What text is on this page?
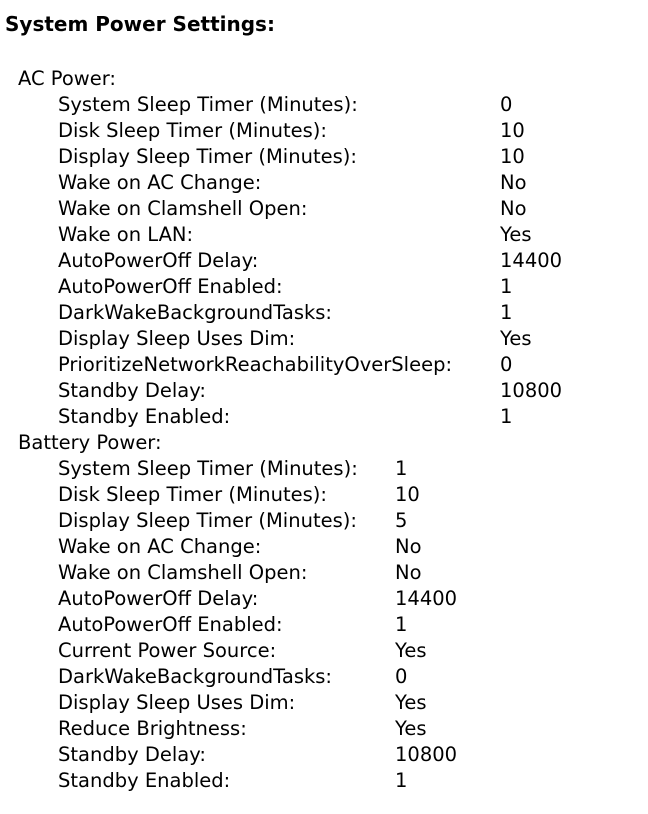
System Power Settings:
AC Power:
System Sleep Timer (Minutes):	0
Disk Sleep Timer (Minutes):	10
Display Sleep Timer (Minutes):	10
Wake on AC Change:	No
Wake on Clamshell Open:	No
Wake on LAN:	Yes
AutoPowerOff Delay:	14400
AutoPowerOff Enabled:	1
DarkWakeBackgroundTasks:	1
Display Sleep Uses Dim:	Yes
PrioritizeNetworkReachabilityOverSleep: 0
Standby Delay:	10800
Standby Enabled:	1
Battery Power:
System Sleep Timer (Minutes): 1
Disk Sleep Timer (Minutes):	10
Display Sleep Timer (Minutes): 5
Wake on AC Change:	No
Wake on Clamshell Open:	No
AutoPowerOff Delay:	14400
AutoPowerOff Enabled:	1
Current Power Source:	Yes
DarkWakeBackgroundTasks:	0
Display Sleep Uses Dim:	Yes
Reduce Brightness:	Yes
Standby Delay:	10800
Standby Enabled:	1
